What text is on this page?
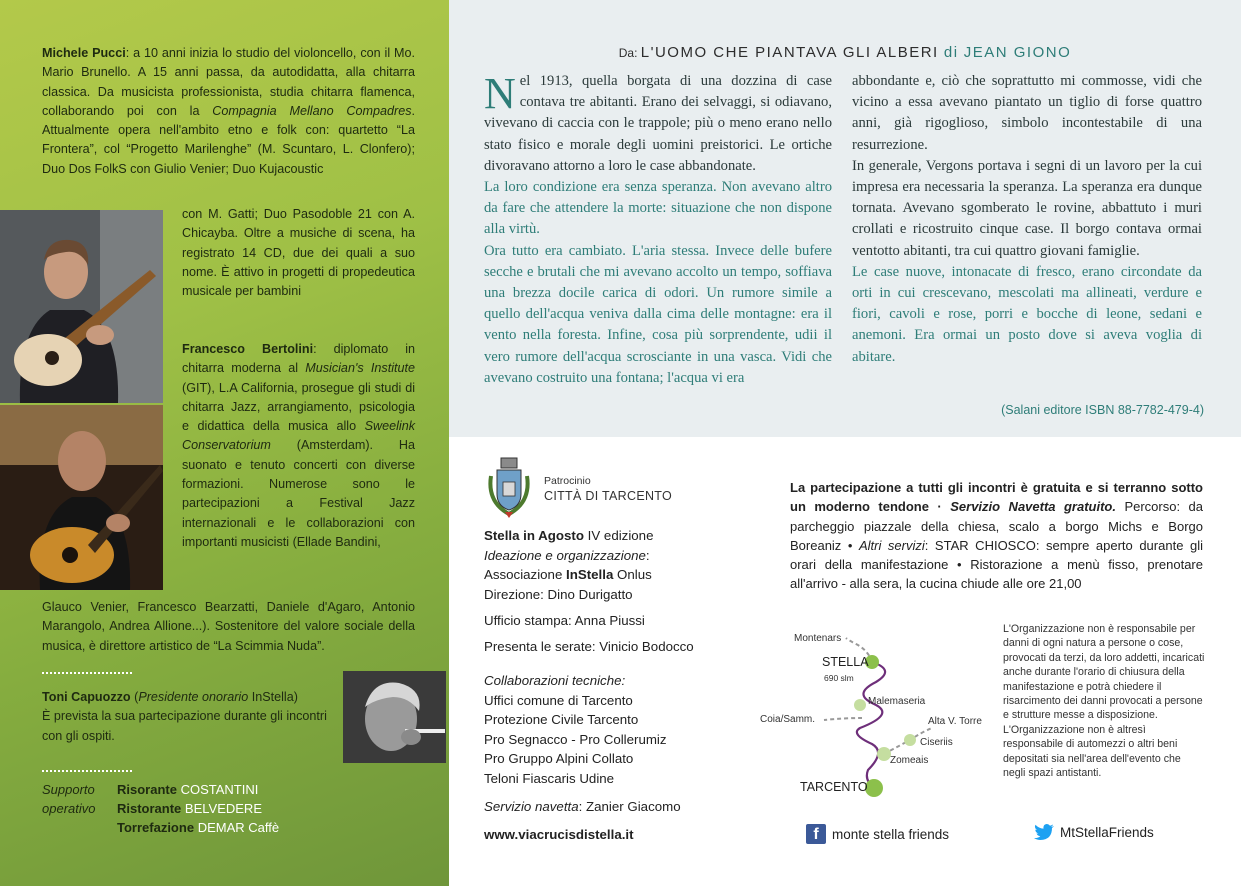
Michele Pucci: a 10 anni inizia lo studio del violoncello, con il Mo. Mario Brunello. A 15 anni passa, da autodidatta, alla chitarra classica. Da musicista professionista, studia chitarra flamenca, collaborando poi con la Compagnia Mellano Compadres. Attualmente opera nell'ambito etno e folk con: quartetto “La Frontera”, col “Progetto Marilenghe” (M. Scuntaro, L. Clonfero); Duo Dos FolkS con Giulio Venier; Duo Kujacoustic
con M. Gatti; Duo Pasodoble 21 con A. Chicayba. Oltre a musiche di scena, ha registrato 14 CD, due dei quali a suo nome. È attivo in progetti di propedeutica musicale per bambini
Francesco Bertolini: diplomato in chitarra moderna al Musician's Institute (GIT), L.A California, prosegue gli studi di chitarra Jazz, arrangiamento, psicologia e didattica della musica allo Sweelink Conservatorium (Amsterdam). Ha suonato e tenuto concerti con diverse formazioni. Numerose sono le partecipazioni a Festival Jazz internazionali e le collaborazioni con importanti musicisti (Ellade Bandini,
Glauco Venier, Francesco Bearzatti, Daniele d'Agaro, Antonio Marangolo, Andrea Allione...). Sostenitore del valore sociale della musica, è direttore artistico de “La Scimmia Nuda”.
Toni Capuozzo (Presidente onorario InStella)
È prevista la sua partecipazione durante gli incontri con gli ospiti.
Supporto
operativo
Risorante COSTANTINI
Ristorante BELVEDERE
Torrefazione DEMAR Caffè
Da: L'UOMO CHE PIANTAVA GLI ALBERI di JEAN GIONO

Nel 1913, quella borgata di una dozzina di case contava tre abitanti. Erano dei selvaggi, si odiavano, vivevano di caccia con le trappole; più o meno erano nello stato fisico e morale degli uomini preistorici. Le ortiche divoravano attorno a loro le case abbandonate.

La loro condizione era senza speranza. Non avevano altro da fare che attendere la morte: situazione che non dispone alla virtù.

Ora tutto era cambiato. L'aria stessa. Invece delle bufere secche e brutali che mi avevano accolto un tempo, soffiava una brezza docile carica di odori. Un rumore simile a quello dell'acqua veniva dalla cima delle montagne: era il vento nella foresta. Infine, cosa più sorprendente, udii il vero rumore dell'acqua scrosciante in una vasca. Vidi che avevano costruito una fontana; l'acqua vi era

abbondante e, ciò che soprattutto mi commosse, vidi che vicino a essa avevano piantato un tiglio di forse quattro anni, già rigoglioso, simbolo incontestabile di una resurrezione.

In generale, Vergons portava i segni di un lavoro per la cui impresa era necessaria la speranza. La speranza era dunque tornata. Avevano sgomberato le rovine, abbattuto i muri crollati e ricostruito cinque case. Il borgo contava ormai ventotto abitanti, tra cui quattro giovani famiglie.

Le case nuove, intonacate di fresco, erano circondate da orti in cui crescevano, mescolati ma allineati, verdure e fiori, cavoli e rose, porri e bocche di leone, sedani e anemoni. Era ormai un posto dove si aveva voglia di abitare.

(Salani editore ISBN 88-7782-479-4)
Patrocinio
CITTÀ DI TARCENTO
Stella in Agosto IV edizione
Ideazione e organizzazione:
Associazione InStella Onlus
Direzione: Dino Durigatto
Ufficio stampa: Anna Piussi
Presenta le serate: Vinicio Bodocco
Collaborazioni tecniche:
Uffici comune di Tarcento
Protezione Civile Tarcento
Pro Segnacco - Pro Collerumiz
Pro Gruppo Alpini Collato
Teloni Fiascaris Udine
Servizio navetta: Zanier Giacomo
www.viacrucisdistella.it
La partecipazione a tutti gli incontri è gratuita e si terranno sotto un moderno tendone · Servizio Navetta gratuito. Percorso: da parcheggio piazzale della chiesa, scalo a borgo Michs e Borgo Boreaniz • Altri servizi: STAR CHIOSCO: sempre aperto durante gli orari della manifestazione • Ristorazione a menù fisso, prenotare all'arrivo - alla sera, la cucina chiude alle ore 21,00
Montenars
STELLA
690 slm
Malemaseria
Coia/Samm.	Alta V. Torre
Ciseriis
Zomeais
TARCENTO
L'Organizzazione non è responsabile per danni di ogni natura a persone o cose, provocati da terzi, da loro addetti, incaricati anche durante l'orario di chiusura della manifestazione e potrà chiedere il risarcimento dei danni provocati a persone e strutture messe a disposizione. L'Organizzazione non è altresì responsabile di automezzi o altri beni depositati sia nell'area dell'evento che negli spazi antistanti.
f monte stella friends	MtStellaFriends
